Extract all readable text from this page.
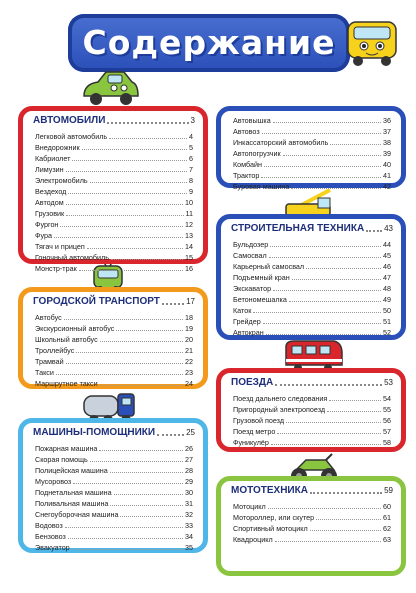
Содержание
АВТОМОБИЛИ	3
Легковой автомобиль	4
Внедорожник	5
Кабриолет	6
Лимузин	7
Электромобиль	8
Вездеход	9
Автодом	10
Грузовик	11
Фургон	12
Фура	13
Тягач и прицеп	14
Гоночный автомобиль	15
Монстр-трак	16
ГОРОДСКОЙ ТРАНСПОРТ	17
Автобус	18
Экскурсионный автобус	19
Школьный автобус	20
Троллейбус	21
Трамвай	22
Такси	23
Маршрутное такси	24
МАШИНЫ-ПОМОЩНИКИ	25
Пожарная машина	26
Скорая помощь	27
Полицейская машина	28
Мусоровоз	29
Поднетальная машина	30
Поливальная машина	31
Снегоуборочная машина	32
Водовоз	33
Бензовоз	34
Эвакуатор	35
Автовышка	36
Автовоз	37
Инкассаторский автомобиль	38
Автопогрузчик	39
Комбайн	40
Трактор	41
Буровая машина	42
СТРОИТЕЛЬНАЯ ТЕХНИКА 43
Бульдозер	44
Самосвал	45
Карьерный самосвал	46
Подъемный кран	47
Экскаватор	48
Бетономешалка	49
Каток	50
Грейдер	51
Автокран	52
ПОЕЗДА	53
Поезд дальнего следования	54
Пригородный электропоезд	55
Грузовой поезд	56
Поезд метро	57
Фуникулёр	58
МОТОТЕХНИКА	59
Мотоцикл	60
Мотороллер, или скутер	61
Спортивный мотоцикл	62
Квадроцикл	63
